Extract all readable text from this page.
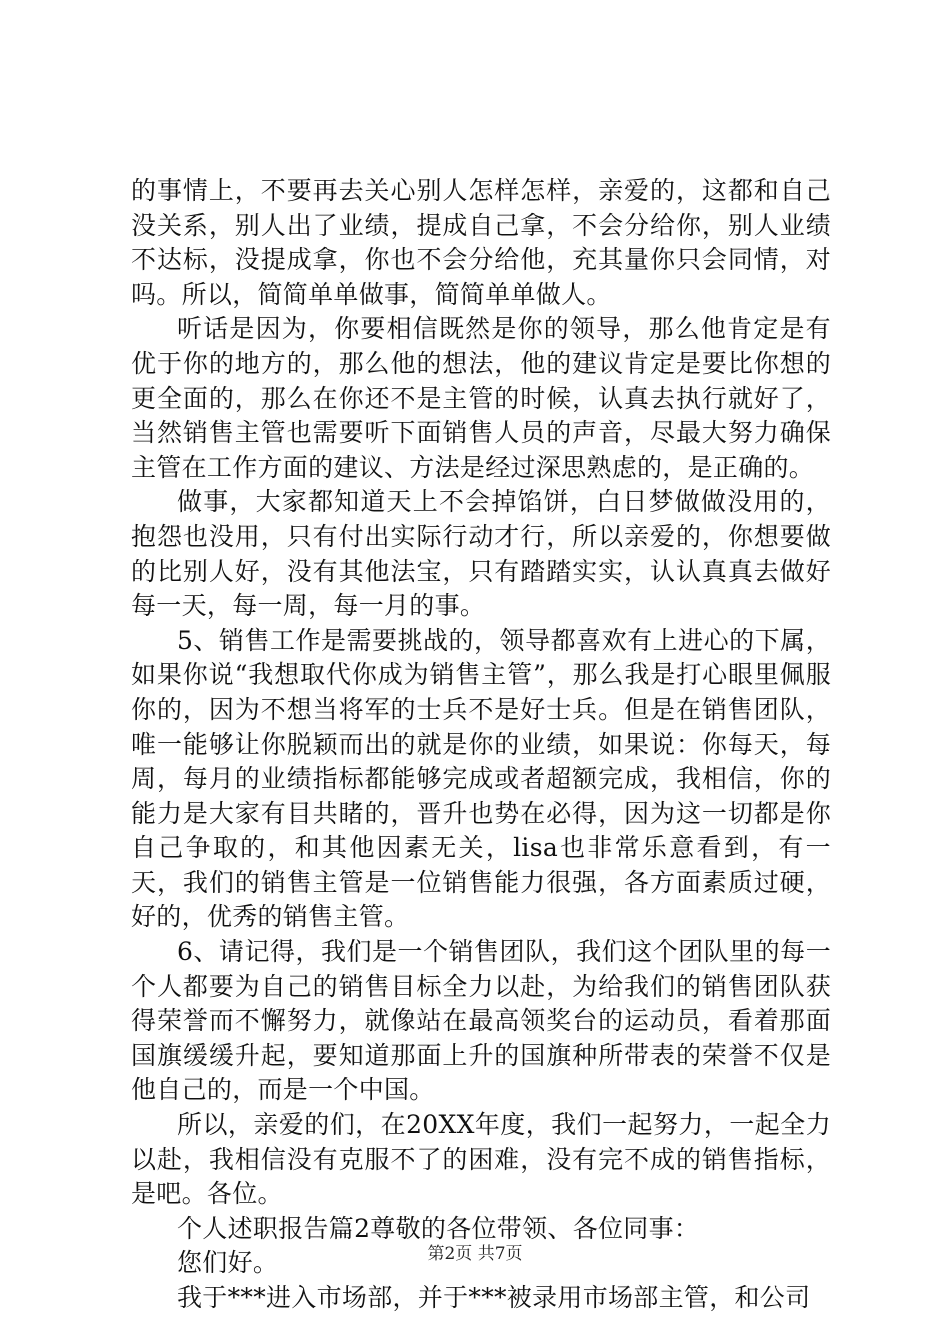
的事情上，不要再去关心别人怎样怎样，亲爱的，这都和自己没关系，别人出了业绩，提成自己拿，不会分给你，别人业绩不达标，没提成拿，你也不会分给他，充其量你只会同情，对吗。所以，简简单单做事，简简单单做人。

听话是因为，你要相信既然是你的领导，那么他肯定是有优于你的地方的，那么他的想法，他的建议肯定是要比你想的更全面的，那么在你还不是主管的时候，认真去执行就好了，当然销售主管也需要听下面销售人员的声音，尽最大努力确保主管在工作方面的建议、方法是经过深思熟虑的，是正确的。

做事，大家都知道天上不会掉馅饼，白日梦做做没用的，抱怨也没用，只有付出实际行动才行，所以亲爱的，你想要做的比别人好，没有其他法宝，只有踏踏实实，认认真真去做好每一天，每一周，每一月的事。

5、销售工作是需要挑战的，领导都喜欢有上进心的下属，如果你说“我想取代你成为销售主管”，那么我是打心眼里佩服你的，因为不想当将军的士兵不是好士兵。但是在销售团队，唯一能够让你脱颖而出的就是你的业绩，如果说：你每天，每周，每月的业绩指标都能够完成或者超额完成，我相信，你的能力是大家有目共睹的，晋升也势在必得，因为这一切都是你自己争取的，和其他因素无关，lisa也非常乐意看到，有一天，我们的销售主管是一位销售能力很强，各方面素质过硬，好的，优秀的销售主管。

6、请记得，我们是一个销售团队，我们这个团队里的每一个人都要为自己的销售目标全力以赴，为给我们的销售团队获得荣誉而不懈努力，就像站在最高领奖台的运动员，看着那面国旗缓缓升起，要知道那面上升的国旗种所带表的荣誉不仅是他自己的，而是一个中国。

所以，亲爱的们，在20XX年度，我们一起努力，一起全力以赴，我相信没有克服不了的困难，没有完不成的销售指标，是吧。各位。

个人述职报告篇2尊敬的各位带领、各位同事：

您们好。

我于***进入市场部，并于***被录用市场部主管，和公司

第2页 共7页
